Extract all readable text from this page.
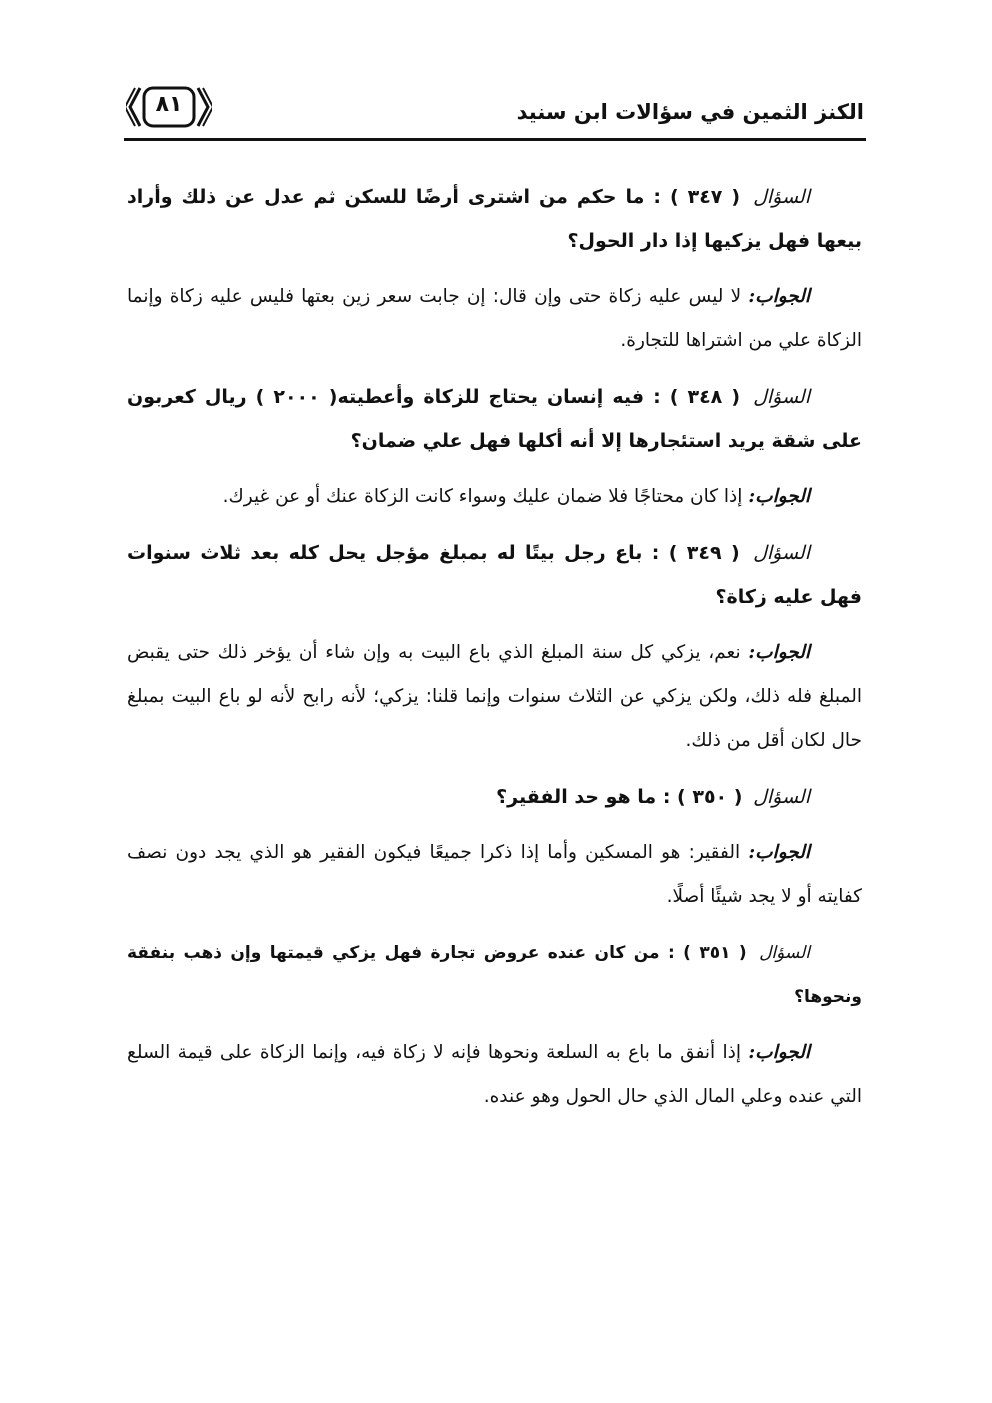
الكنز الثمين في سؤالات ابن سنيد
٨١

السؤال ( ٣٤٧ ) : ما حكم من اشترى أرضًا للسكن ثم عدل عن ذلك وأراد بيعها فهل يزكيها إذا دار الحول؟

الجواب: لا ليس عليه زكاة حتى وإن قال: إن جابت سعر زين بعتها فليس عليه زكاة وإنما الزكاة علي من اشتراها للتجارة.

السؤال ( ٣٤٨ ) : فيه إنسان يحتاج للزكاة وأعطيته( ٢٠٠٠ ) ريال كعربون على شقة يريد استئجارها إلا أنه أكلها فهل علي ضمان؟

الجواب: إذا كان محتاجًا فلا ضمان عليك وسواء كانت الزكاة عنك أو عن غيرك.

السؤال ( ٣٤٩ ) : باع رجل بيتًا له بمبلغ مؤجل يحل كله بعد ثلاث سنوات فهل عليه زكاة؟

الجواب: نعم، يزكي كل سنة المبلغ الذي باع البيت به وإن شاء أن يؤخر ذلك حتى يقبض المبلغ فله ذلك، ولكن يزكي عن الثلاث سنوات وإنما قلنا: يزكي؛ لأنه رابح لأنه لو باع البيت بمبلغ حال لكان أقل من ذلك.

السؤال ( ٣٥٠ ) : ما هو حد الفقير؟

الجواب: الفقير: هو المسكين وأما إذا ذكرا جميعًا فيكون الفقير هو الذي يجد دون نصف كفايته أو لا يجد شيئًا أصلًا.

السؤال ( ٣٥١ ) : من كان عنده عروض تجارة فهل يزكي قيمتها وإن ذهب بنفقة ونحوها؟

الجواب: إذا أنفق ما باع به السلعة ونحوها فإنه لا زكاة فيه، وإنما الزكاة على قيمة السلع التي عنده وعلي المال الذي حال الحول وهو عنده.
